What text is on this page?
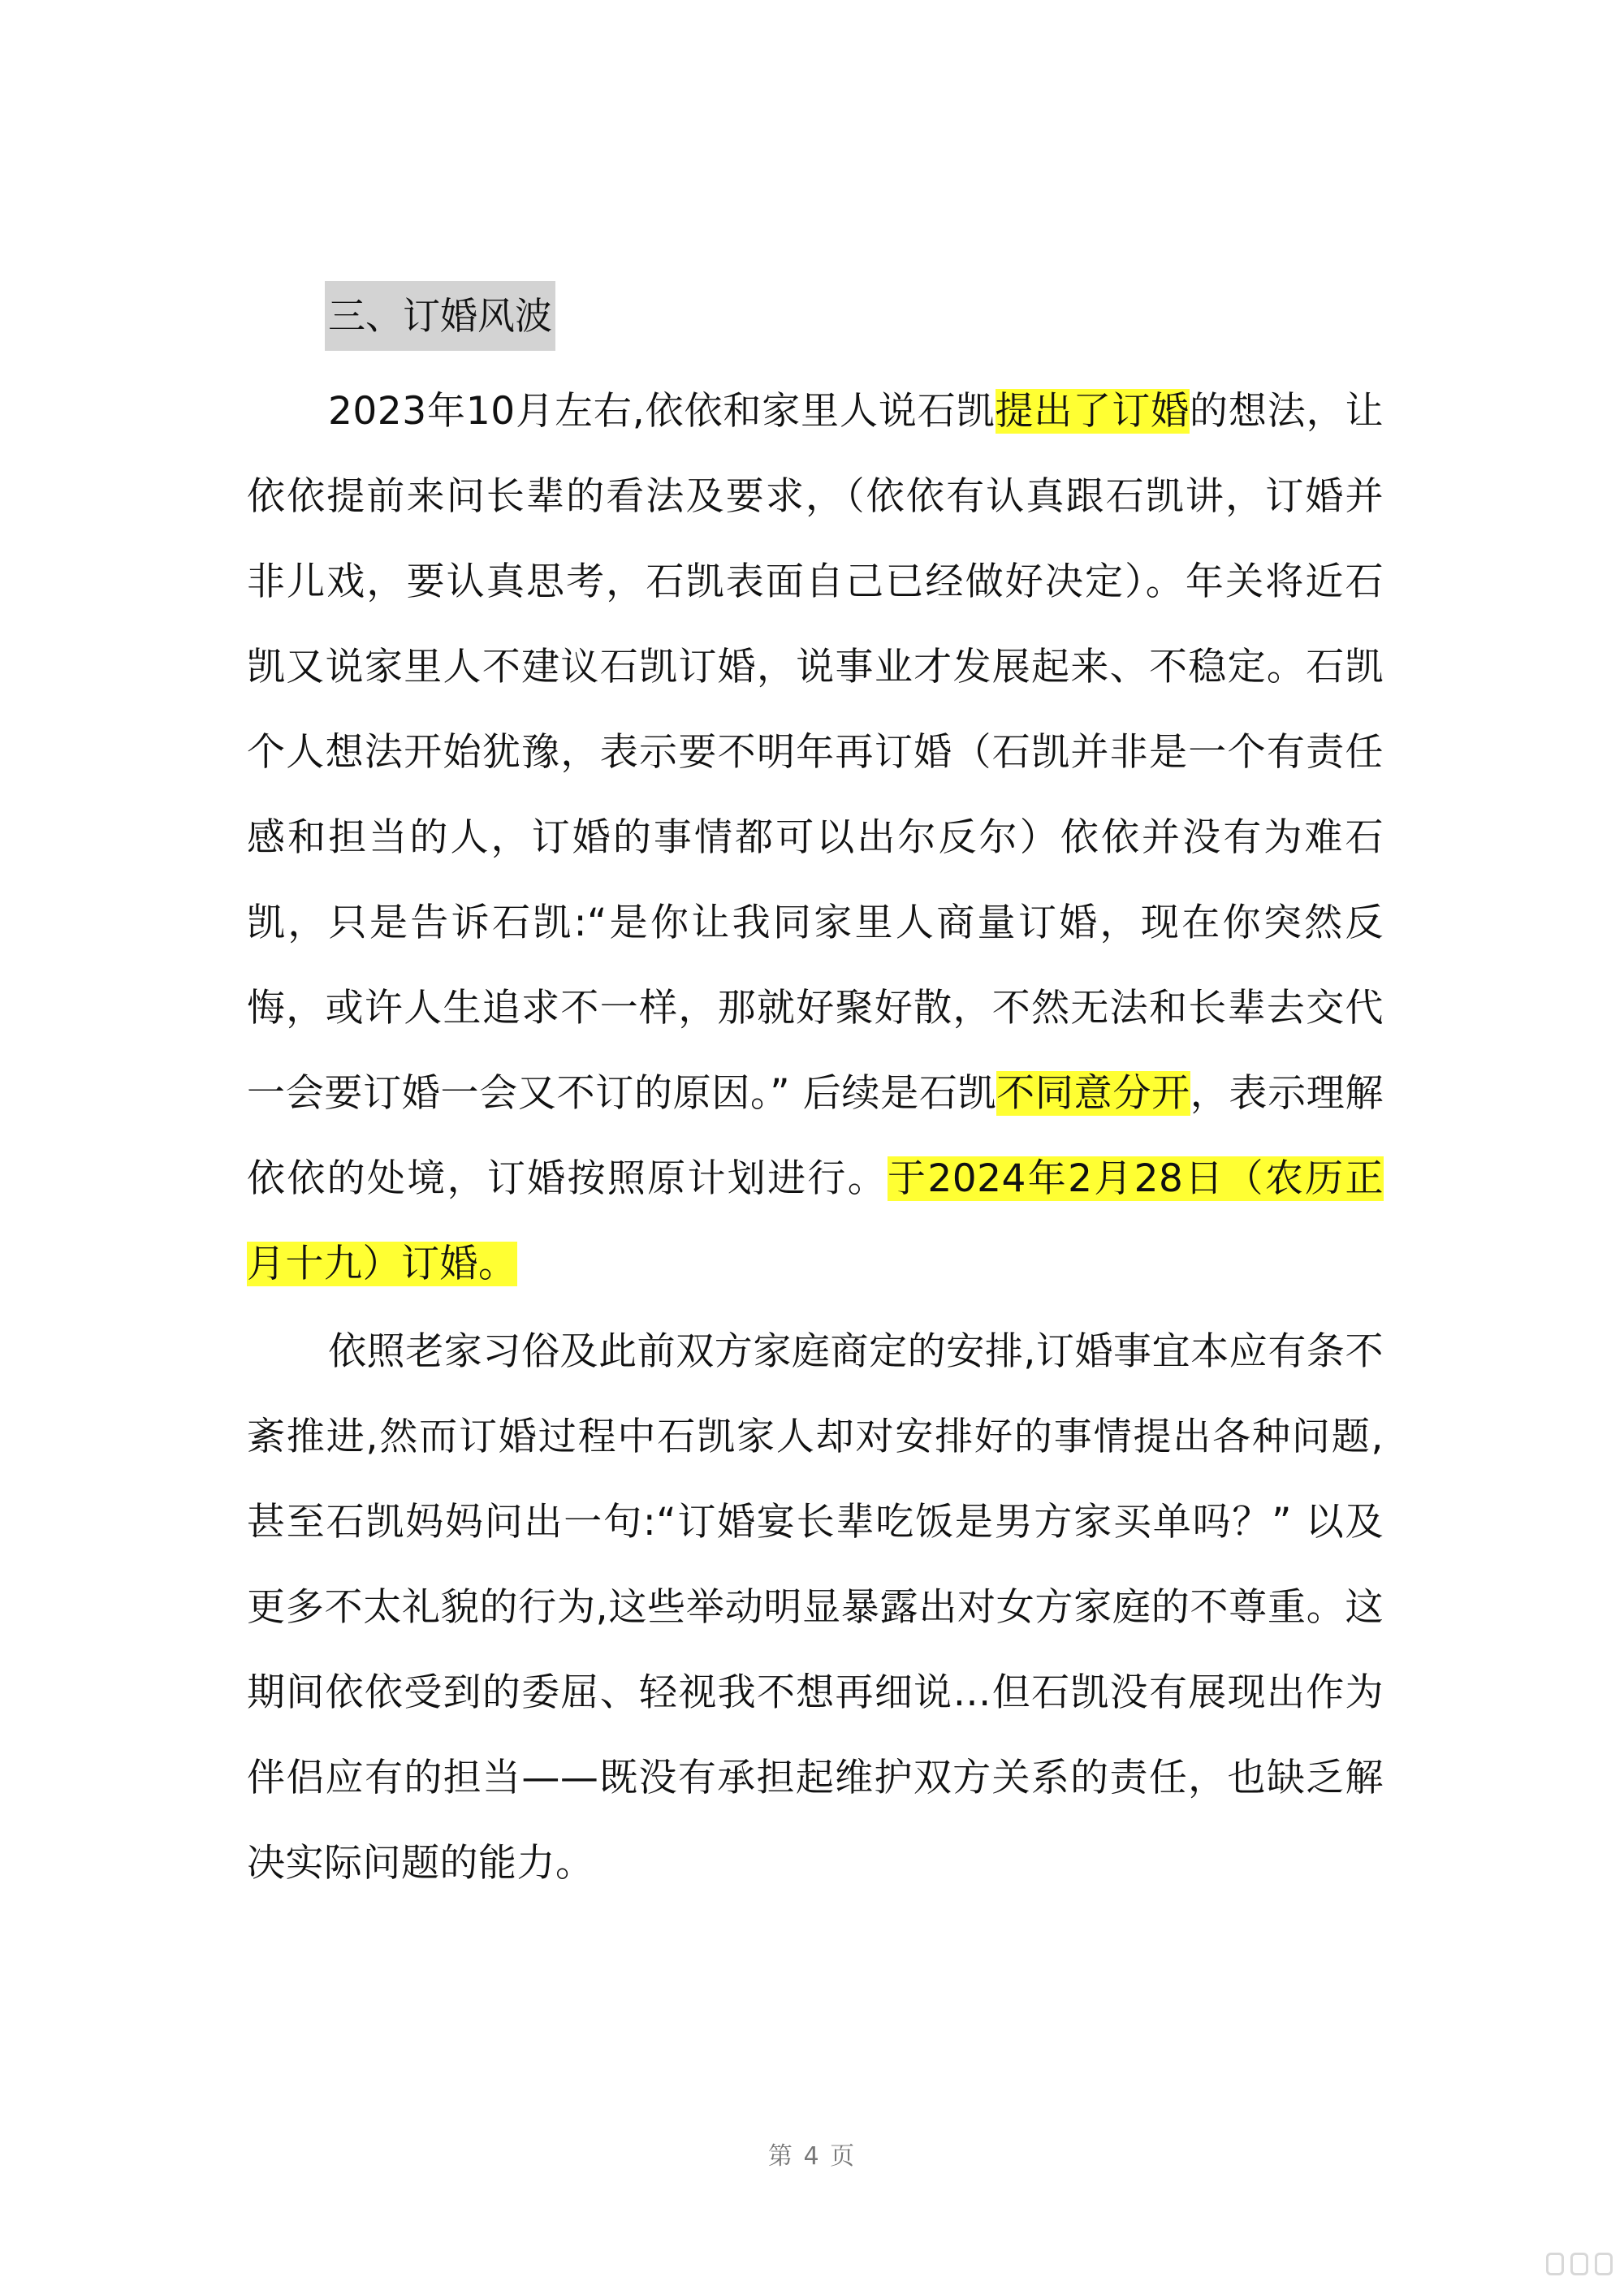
三、订婚风波

2023年10月左右,依依和家里人说石凯提出了订婚的想法，让依依提前来问长辈的看法及要求，（依依有认真跟石凯讲，订婚并非儿戏，要认真思考，石凯表面自己已经做好决定）。年关将近石凯又说家里人不建议石凯订婚，说事业才发展起来、不稳定。石凯个人想法开始犹豫，表示要不明年再订婚（石凯并非是一个有责任感和担当的人，订婚的事情都可以出尔反尔）依依并没有为难石凯，只是告诉石凯:“是你让我同家里人商量订婚，现在你突然反悔，或许人生追求不一样，那就好聚好散，不然无法和长辈去交代一会要订婚一会又不订的原因。” 后续是石凯不同意分开，表示理解依依的处境，订婚按照原计划进行。于2024年2月28日（农历正月十九）订婚。

依照老家习俗及此前双方家庭商定的安排,订婚事宜本应有条不紊推进,然而订婚过程中石凯家人却对安排好的事情提出各种问题,甚至石凯妈妈问出一句:“订婚宴长辈吃饭是男方家买单吗？” 以及更多不太礼貌的行为,这些举动明显暴露出对女方家庭的不尊重。这期间依依受到的委屈、轻视我不想再细说…但石凯没有展现出作为伴侣应有的担当——既没有承担起维护双方关系的责任，也缺乏解决实际问题的能力。

第 4 页
